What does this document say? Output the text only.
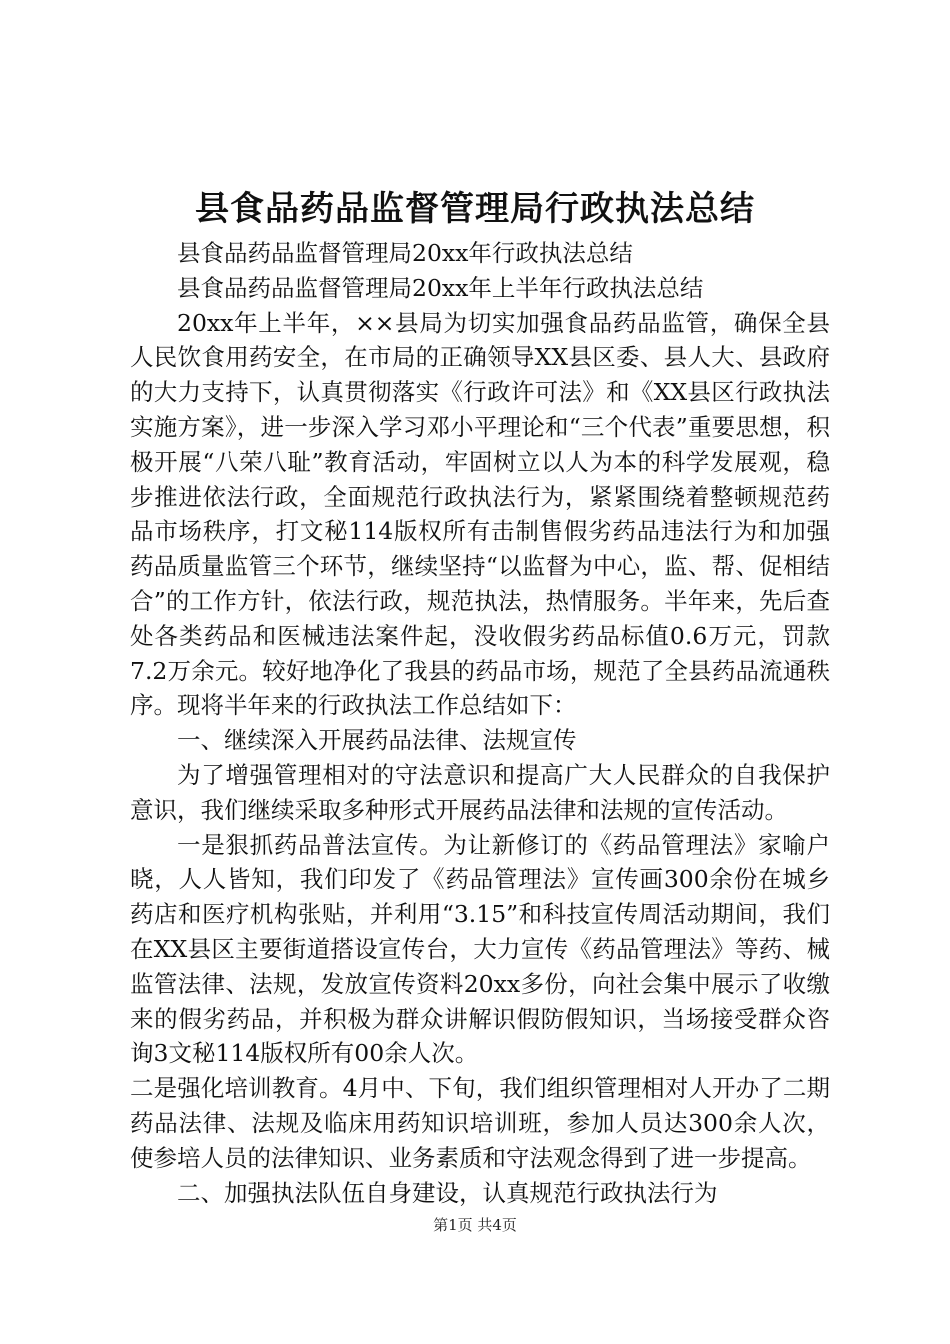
县食品药品监督管理局行政执法总结

县食品药品监督管理局20xx年行政执法总结

县食品药品监督管理局20xx年上半年行政执法总结

20xx年上半年，××县局为切实加强食品药品监管，确保全县人民饮食用药安全，在市局的正确领导XX县区委、县人大、县政府的大力支持下，认真贯彻落实《行政许可法》和《XX县区行政执法实施方案》，进一步深入学习邓小平理论和“三个代表”重要思想，积极开展“八荣八耻”教育活动，牢固树立以人为本的科学发展观，稳步推进依法行政，全面规范行政执法行为，紧紧围绕着整顿规范药品市场秩序，打文秘114版权所有击制售假劣药品违法行为和加强药品质量监管三个环节，继续坚持“以监督为中心，监、帮、促相结合”的工作方针，依法行政，规范执法，热情服务。半年来，先后查处各类药品和医械违法案件起，没收假劣药品标值0.6万元，罚款7.2万余元。较好地净化了我县的药品市场，规范了全县药品流通秩序。现将半年来的行政执法工作总结如下：

一、继续深入开展药品法律、法规宣传

为了增强管理相对的守法意识和提高广大人民群众的自我保护意识，我们继续采取多种形式开展药品法律和法规的宣传活动。

一是狠抓药品普法宣传。为让新修订的《药品管理法》家喻户晓，人人皆知，我们印发了《药品管理法》宣传画300余份在城乡药店和医疗机构张贴，并利用“3.15”和科技宣传周活动期间，我们在XX县区主要街道搭设宣传台，大力宣传《药品管理法》等药、械监管法律、法规，发放宣传资料20xx多份，向社会集中展示了收缴来的假劣药品，并积极为群众讲解识假防假知识，当场接受群众咨询3文秘114版权所有00余人次。

二是强化培训教育。4月中、下旬，我们组织管理相对人开办了二期药品法律、法规及临床用药知识培训班，参加人员达300余人次，使参培人员的法律知识、业务素质和守法观念得到了进一步提高。

二、加强执法队伍自身建设，认真规范行政执法行为

第1页 共4页
